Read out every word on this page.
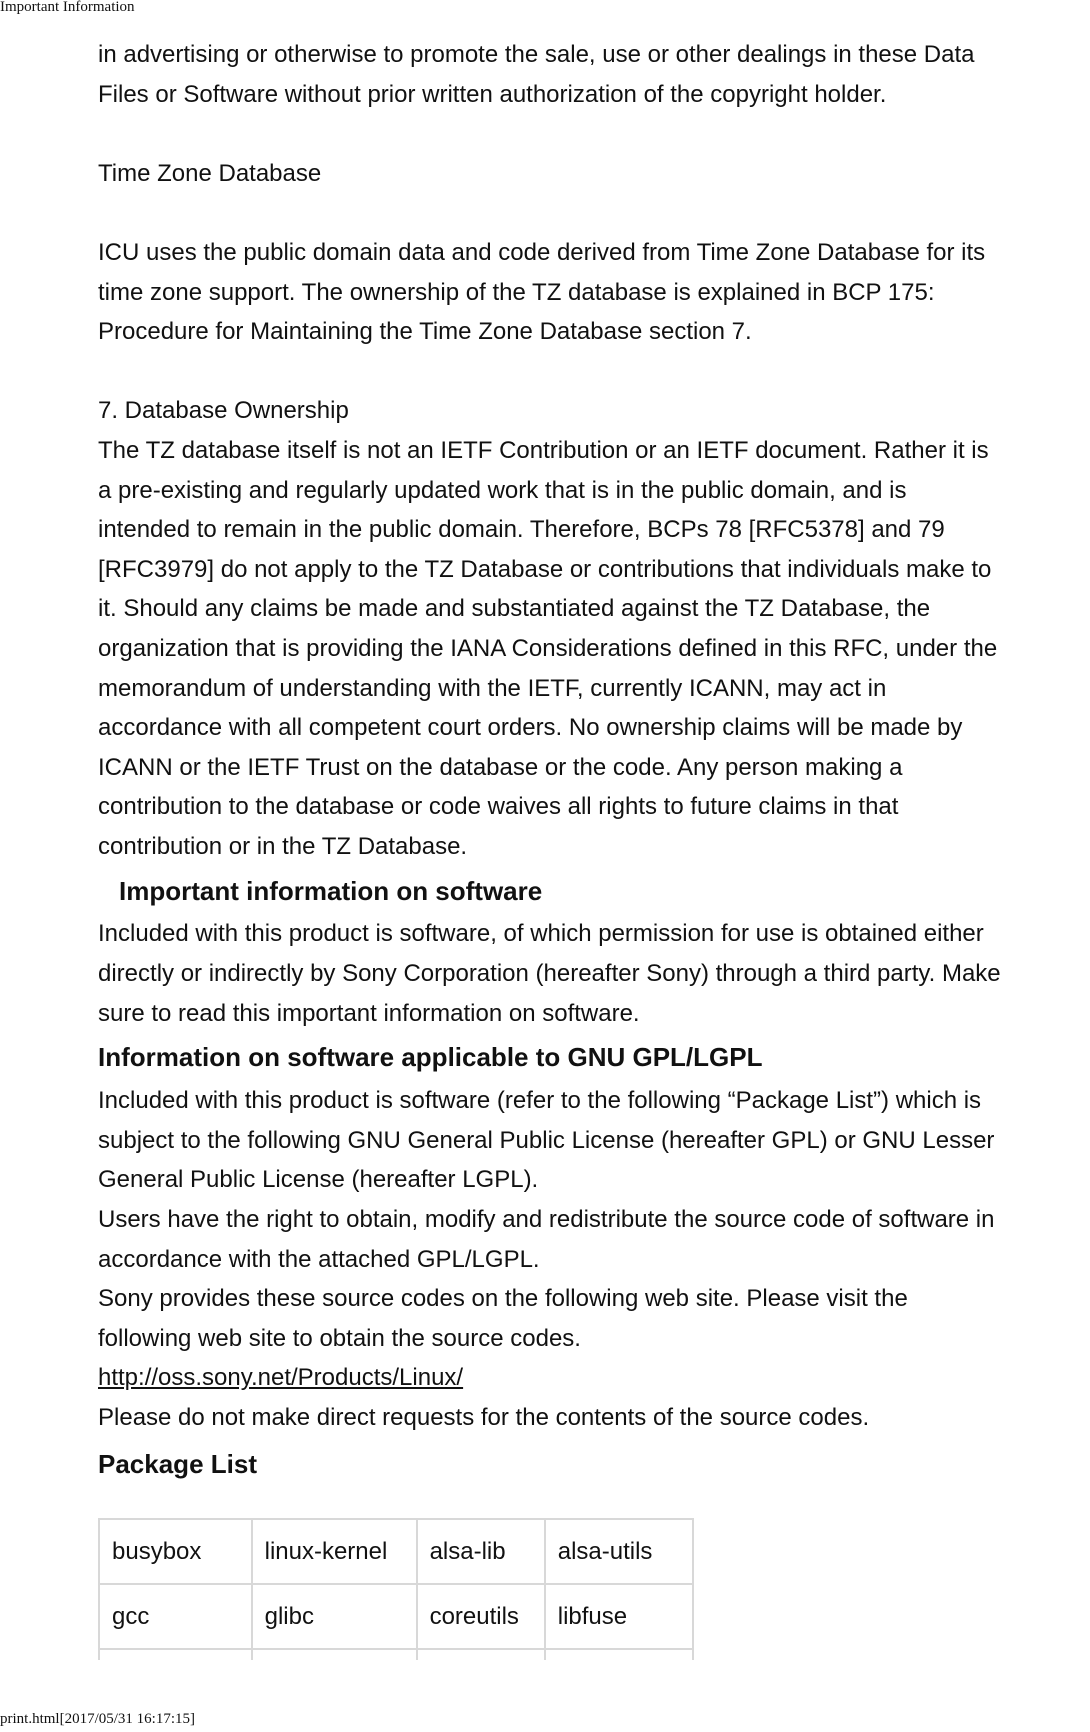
Important Information

in advertising or otherwise to promote the sale, use or other dealings in these Data
Files or Software without prior written authorization of the copyright holder.

Time Zone Database

ICU uses the public domain data and code derived from Time Zone Database for its
time zone support. The ownership of the TZ database is explained in BCP 175:
Procedure for Maintaining the Time Zone Database section 7.

7. Database Ownership

The TZ database itself is not an IETF Contribution or an IETF document. Rather it is
a pre-existing and regularly updated work that is in the public domain, and is
intended to remain in the public domain. Therefore, BCPs 78 [RFC5378] and 79
[RFC3979] do not apply to the TZ Database or contributions that individuals make to
it. Should any claims be made and substantiated against the TZ Database, the
organization that is providing the IANA Considerations defined in this RFC, under the
memorandum of understanding with the IETF, currently ICANN, may act in
accordance with all competent court orders. No ownership claims will be made by
ICANN or the IETF Trust on the database or the code. Any person making a
contribution to the database or code waives all rights to future claims in that
contribution or in the TZ Database.

Important information on software

Included with this product is software, of which permission for use is obtained either
directly or indirectly by Sony Corporation (hereafter Sony) through a third party. Make
sure to read this important information on software.

Information on software applicable to GNU GPL/LGPL

Included with this product is software (refer to the following “Package List”) which is
subject to the following GNU General Public License (hereafter GPL) or GNU Lesser
General Public License (hereafter LGPL).
Users have the right to obtain, modify and redistribute the source code of software in
accordance with the attached GPL/LGPL.
Sony provides these source codes on the following web site. Please visit the
following web site to obtain the source codes.
http://oss.sony.net/Products/Linux/
Please do not make direct requests for the contents of the source codes.

Package List
busybox	linux-kernel	alsa-lib	alsa-utils
gcc	glibc	coreutils	libfuse

print.html[2017/05/31 16:17:15]
